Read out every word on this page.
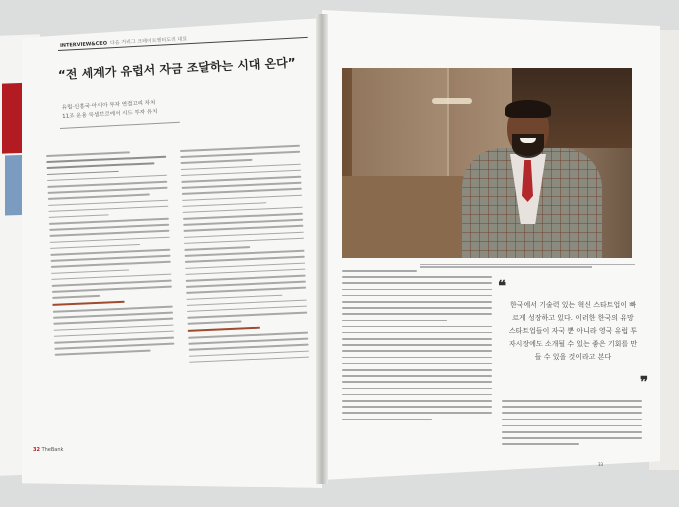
INTERVIEW&CEO 다음 거리그 크레이트엔터도리 대표
“전 세계가 유럽서 자금 조달하는 시대 온다”
유럽·신흥국·아시아 투자 연결고리 자처
11조 운용 룩셈브르에서 시드 투자 유치
32 TheBank
❝
한국에서 기술력 있는 혁신 스타트업이 빠르게 성장하고 있다. 이러한 한국의 유망 스타트업들이 자국 뿐 아니라 영국 유럽 투자시장에도 소개될 수 있는 좋은 기회를 만들 수 있을 것이라고 본다
❞
33
